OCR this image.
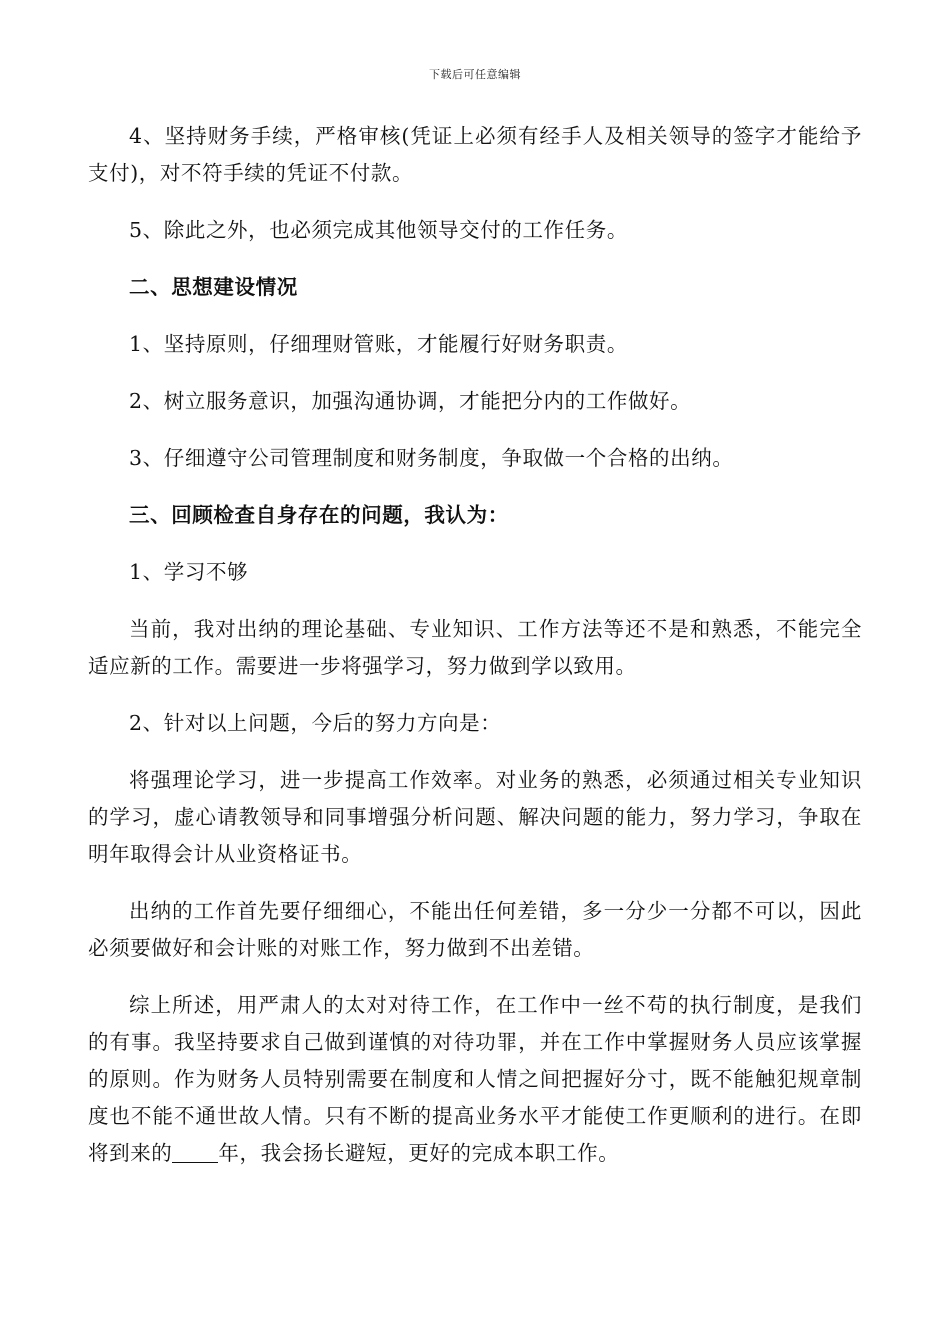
下载后可任意编辑

4、坚持财务手续，严格审核(凭证上必须有经手人及相关领导的签字才能给予支付)，对不符手续的凭证不付款。

5、除此之外，也必须完成其他领导交付的工作任务。

二、思想建设情况

1、坚持原则，仔细理财管账，才能履行好财务职责。

2、树立服务意识，加强沟通协调，才能把分内的工作做好。

3、仔细遵守公司管理制度和财务制度，争取做一个合格的出纳。

三、回顾检查自身存在的问题，我认为：

1、学习不够

当前，我对出纳的理论基础、专业知识、工作方法等还不是和熟悉，不能完全适应新的工作。需要进一步将强学习，努力做到学以致用。

2、针对以上问题，今后的努力方向是：

将强理论学习，进一步提高工作效率。对业务的熟悉，必须通过相关专业知识的学习，虚心请教领导和同事增强分析问题、解决问题的能力，努力学习，争取在明年取得会计从业资格证书。

出纳的工作首先要仔细细心，不能出任何差错，多一分少一分都不可以，因此必须要做好和会计账的对账工作，努力做到不出差错。

综上所述，用严肃人的太对对待工作，在工作中一丝不苟的执行制度，是我们的有事。我坚持要求自己做到谨慎的对待功罪，并在工作中掌握财务人员应该掌握的原则。作为财务人员特别需要在制度和人情之间把握好分寸，既不能触犯规章制度也不能不通世故人情。只有不断的提高业务水平才能使工作更顺利的进行。在即将到来的 年，我会扬长避短，更好的完成本职工作。
